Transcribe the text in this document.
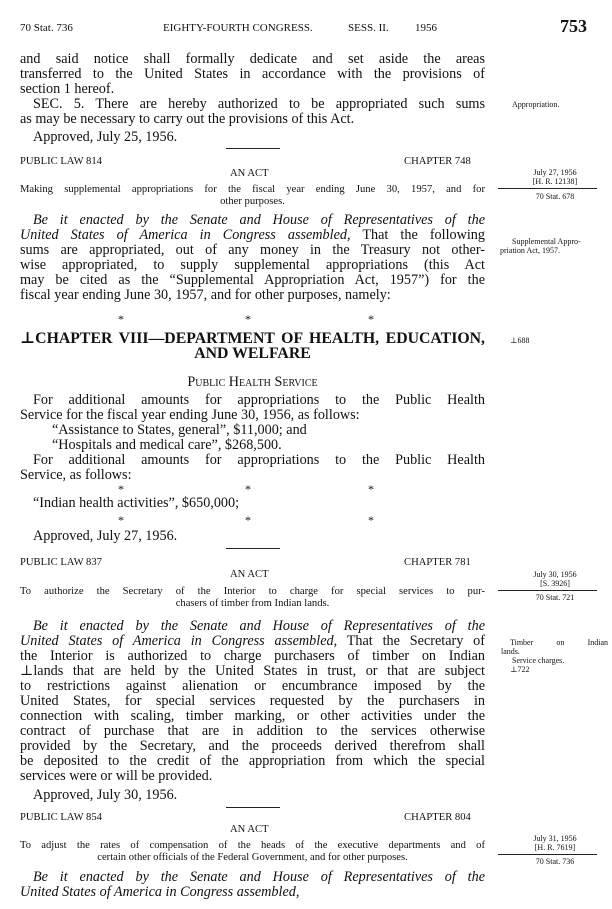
70 Stat. 736	EIGHTY-FOURTH CONGRESS.	SESS. II. 1956	753
and said notice shall formally dedicate and set aside the areas
transferred to the United States in accordance with the provisions of
section 1 hereof.
SEC. 5. There are hereby authorized to be appropriated such sums
as may be necessary to carry out the provisions of this Act.
Approved, July 25, 1956.
Appropriation.
PUBLIC LAW 814	CHAPTER 748
AN ACT
Making supplemental appropriations for the fiscal year ending June 30, 1957, and for
other purposes.
July 27, 1956
[H. R. 12138]
70 Stat. 678
Be it enacted by the Senate and House of Representatives of the
United States of America in Congress assembled, That the following
sums are appropriated, out of any money in the Treasury not other-
wise appropriated, to supply supplemental appropriations (this Act
may be cited as the “Supplemental Appropriation Act, 1957”) for the
fiscal year ending June 30, 1957, and for other purposes, namely:
Supplemental Appro-
priation Act, 1957.
*	*	*
⊥CHAPTER VIII—DEPARTMENT OF HEALTH, EDUCATION,
AND WELFARE
⊥688
Public Health Service
For additional amounts for appropriations to the Public Health
Service for the fiscal year ending June 30, 1956, as follows:
“Assistance to States, general”, $11,000; and
“Hospitals and medical care”, $268,500.
For additional amounts for appropriations to the Public Health
Service, as follows:
*	*	*
“Indian health activities”, $650,000;
*	*	*
Approved, July 27, 1956.
PUBLIC LAW 837	CHAPTER 781
AN ACT
To authorize the Secretary of the Interior to charge for special services to pur-
chasers of timber from Indian lands.
July 30, 1956
[S. 3926]
70 Stat. 721
Be it enacted by the Senate and House of Representatives of the
United States of America in Congress assembled, That the Secretary of
the Interior is authorized to charge purchasers of timber on Indian
⊥lands that are held by the United States in trust, or that are subject
to restrictions against alienation or encumbrance imposed by the
United States, for special services requested by the purchasers in
connection with scaling, timber marking, or other activities under the
contract of purchase that are in addition to the services otherwise
provided by the Secretary, and the proceeds derived therefrom shall
be deposited to the credit of the appropriation from which the special
services were or will be provided.
Approved, July 30, 1956.
Timber on Indian
lands.
Service charges.
⊥722
PUBLIC LAW 854	CHAPTER 804
AN ACT
To adjust the rates of compensation of the heads of the executive departments and of
certain other officials of the Federal Government, and for other purposes.
July 31, 1956
[H. R. 7619]
70 Stat. 736
Be it enacted by the Senate and House of Representatives of the
United States of America in Congress assembled,
